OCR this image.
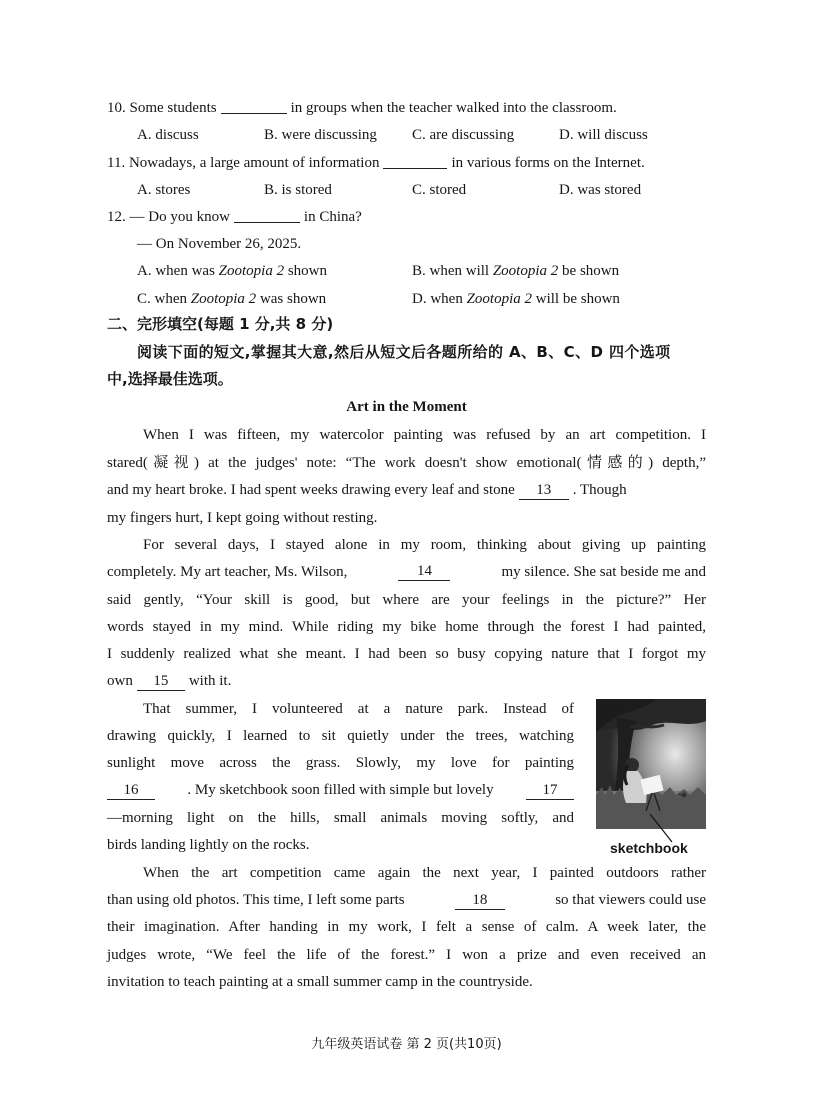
10. Some students	in groups when the teacher walked into the classroom.
A. discuss	B. were discussing C. are discussing	D. will discuss
11. Nowadays, a large amount of information	in various forms on the Internet.
A. stores	B. is stored	C. stored	D. was stored
12. — Do you know	in China?
— On November 26, 2025.
A. when was Zootopia 2 shown	B. when will Zootopia 2 be shown
C. when Zootopia 2 was shown	D. when Zootopia 2 will be shown
二、完形填空(每题 1 分,共 8 分)
阅读下面的短文,掌握其大意,然后从短文后各题所给的 A、B、C、D 四个选项
中,选择最佳选项。
Art in the Moment
When I was fifteen, my watercolor painting was refused by an art competition. I
stared(凝视) at the judges' note: “The work doesn't show emotional(情感的) depth,”
and my heart broke. I had spent weeks drawing every leaf and stone 13 . Though
my fingers hurt, I kept going without resting.
For several days, I stayed alone in my room, thinking about giving up painting
completely. My art teacher, Ms. Wilson,	14	my silence. She sat beside me and
said gently, “Your skill is good, but where are your feelings in the picture?” Her
words stayed in my mind. While riding my bike home through the forest I had painted,
I suddenly realized what she meant. I had been so busy copying nature that I forgot my
own 15 with it.
That summer, I volunteered at a nature park. Instead of
drawing quickly, I learned to sit quietly under the trees, watching
sunlight move across the grass. Slowly, my love for painting
16	. My sketchbook soon filled with simple but lovely	17
—morning light on the hills, small animals moving softly, and
birds landing lightly on the rocks.	sketchbook
When the art competition came again the next year, I painted outdoors rather
than using old photos. This time, I left some parts	18	so that viewers could use
their imagination. After handing in my work, I felt a sense of calm. A week later, the
judges wrote, “We feel the life of the forest.” I won a prize and even received an
invitation to teach painting at a small summer camp in the countryside.
九年级英语试卷 第 2 页(共10页)
